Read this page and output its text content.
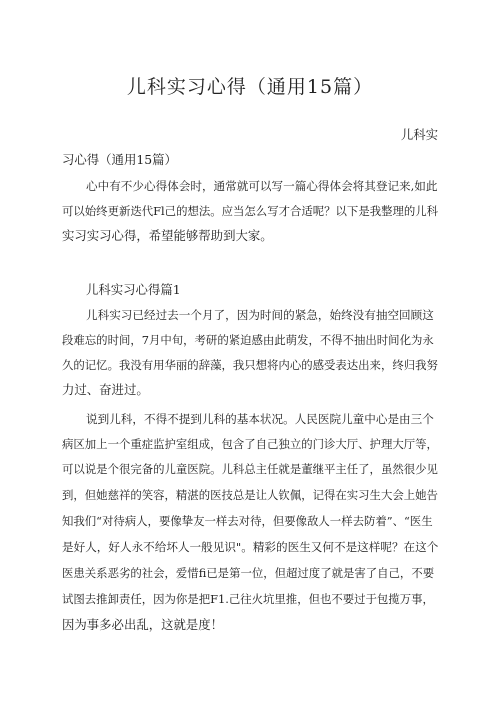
儿科实习心得（通用15篇）
儿科实
习心得（通用15篇）
心中有不少心得体会时，通常就可以写一篇心得体会将其登记来,如此
可以始终更新迭代Fl己的想法。应当怎么写才合适呢？以下是我整理的儿科
实习实习心得，希望能够帮助到大家。
儿科实习心得篇1
儿科实习已经过去一个月了，因为时间的紧急，始终没有抽空回顾这
段难忘的时间，7月中旬，考研的紧迫感由此萌发，不得不抽出时间化为永
久的记忆。我没有用华丽的辞藻，我只想将内心的感受表达出来，终归我努
力过、奋进过。
说到儿科，不得不提到儿科的基本状况。人民医院儿童中心是由三个
病区加上一个重症监护室组成，包含了自己独立的门诊大厅、护理大厅等，
可以说是个很完备的儿童医院。儿科总主任就是董继平主任了，虽然很少见
到，但她慈祥的笑容，精湛的医技总是让人钦佩，记得在实习生大会上她告
知我们“对待病人，要像挚友一样去对待，但要像敌人一样去防着”、“医生
是好人，好人永不给坏人一般见识"。精彩的医生又何不是这样呢？在这个
医患关系恶劣的社会，爱惜fi已是第一位，但超过度了就是害了自己，不要
试图去推卸责任，因为你是把F1.己往火坑里推，但也不要过于包揽万事，
因为事多必出乱，这就是度！
